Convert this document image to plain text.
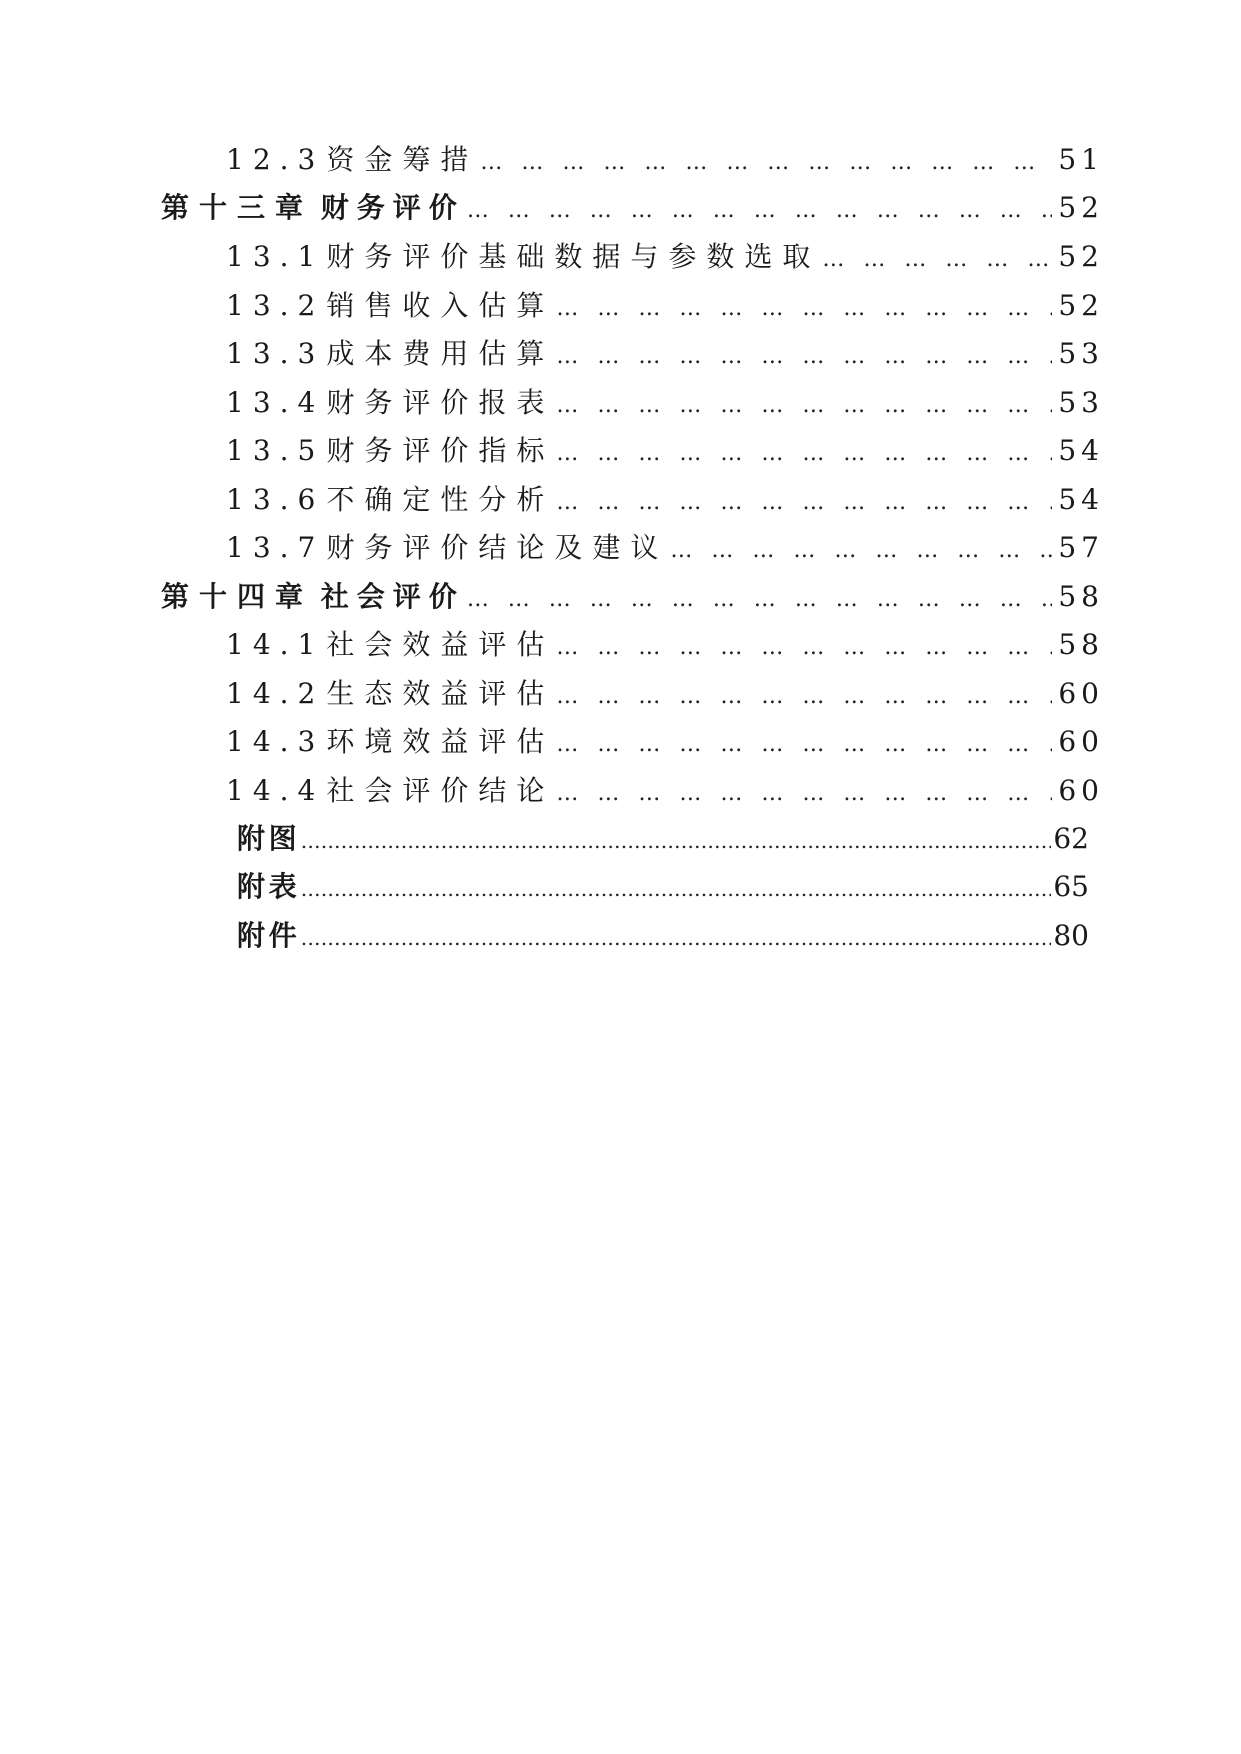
12.3 资金筹措 … … … … … … … … … … … … … … … … … … … … … … … … … … … … … … … … … … … … … … … … … … … … … … … …	51
第十三章 财务评价 … … … … … … … … … … … … … … … … … … … … … … … … … … … … … … … … … … … … … … … … … … … … … … … …	52
13.1 财务评价基础数据与参数选取 … … … … … … … … … … … … … … … … … … … … … … … … … … … … … … … … … … … … … … … … … … … … … … … …	52
13.2 销售收入估算 … … … … … … … … … … … … … … … … … … … … … … … … … … … … … … … … … … … … … … … … … … … … … … … …	52
13.3 成本费用估算 … … … … … … … … … … … … … … … … … … … … … … … … … … … … … … … … … … … … … … … … … … … … … … … …	53
13.4 财务评价报表 … … … … … … … … … … … … … … … … … … … … … … … … … … … … … … … … … … … … … … … … … … … … … … … …	53
13.5 财务评价指标 … … … … … … … … … … … … … … … … … … … … … … … … … … … … … … … … … … … … … … … … … … … … … … … …	54
13.6 不确定性分析 … … … … … … … … … … … … … … … … … … … … … … … … … … … … … … … … … … … … … … … … … … … … … … … …	54
13.7 财务评价结论及建议 … … … … … … … … … … … … … … … … … … … … … … … … … … … … … … … … … … … … … … … … … … … … … … … …	57
第十四章 社会评价 … … … … … … … … … … … … … … … … … … … … … … … … … … … … … … … … … … … … … … … … … … … … … … … …	58
14.1 社会效益评估 … … … … … … … … … … … … … … … … … … … … … … … … … … … … … … … … … … … … … … … … … … … … … … … …	58
14.2 生态效益评估 … … … … … … … … … … … … … … … … … … … … … … … … … … … … … … … … … … … … … … … … … … … … … … … …	60
14.3 环境效益评估 … … … … … … … … … … … … … … … … … … … … … … … … … … … … … … … … … … … … … … … … … … … … … … … …	60
14.4 社会评价结论 … … … … … … … … … … … … … … … … … … … … … … … … … … … … … … … … … … … … … … … … … … … … … … … …	60
附 图 ……………………………………………………………………………………………………………………………………………………………………………………	62
附 表 ……………………………………………………………………………………………………………………………………………………………………………………	65
附 件 ……………………………………………………………………………………………………………………………………………………………………………………	80
